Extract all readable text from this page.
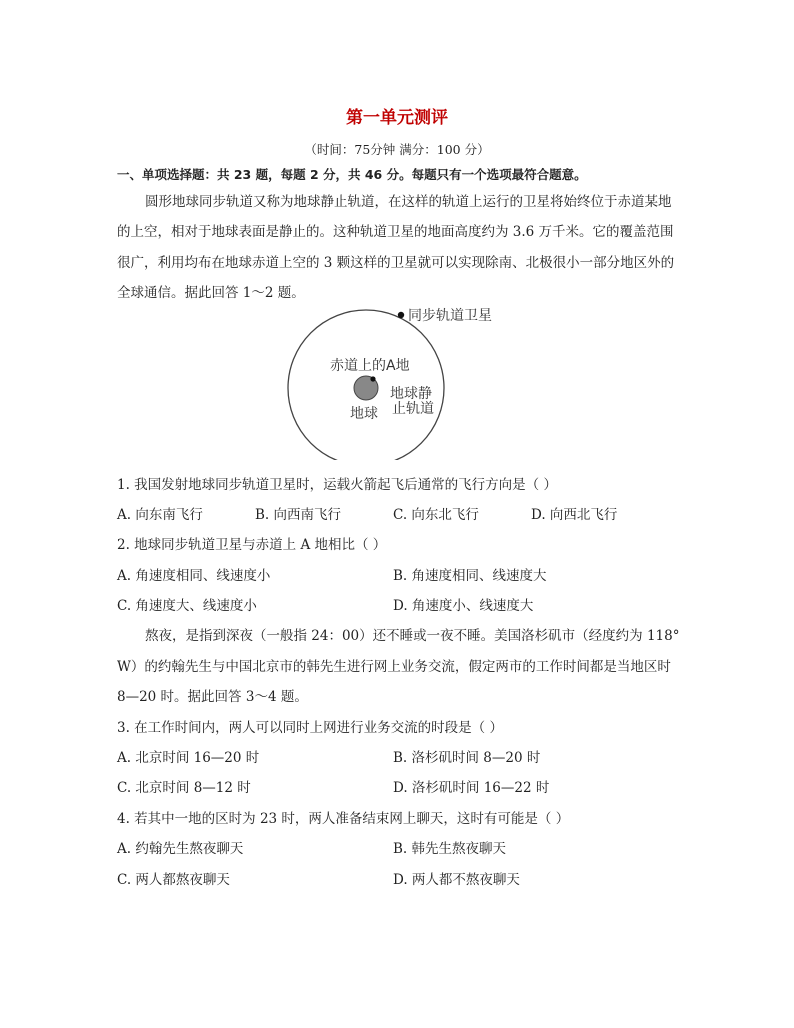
第一单元测评
（时间：75分钟 满分：100 分）
一、单项选择题：共 23 题，每题 2 分，共 46 分。每题只有一个选项最符合题意。
圆形地球同步轨道又称为地球静止轨道，在这样的轨道上运行的卫星将始终位于赤道某地
的上空，相对于地球表面是静止的。这种轨道卫星的地面高度约为 3.6 万千米。它的覆盖范围
很广，利用均布在地球赤道上空的 3 颗这样的卫星就可以实现除南、北极很小一部分地区外的
全球通信。据此回答 1～2 题。
同步轨道卫星
赤道上的A地
地球
地球静
止轨道
1. 我国发射地球同步轨道卫星时，运载火箭起飞后通常的飞行方向是（ ）
A. 向东南飞行	B. 向西南飞行	C. 向东北飞行	D. 向西北飞行
2. 地球同步轨道卫星与赤道上 A 地相比（ ）
A. 角速度相同、线速度小	B. 角速度相同、线速度大
C. 角速度大、线速度小	D. 角速度小、线速度大
熬夜，是指到深夜（一般指 24：00）还不睡或一夜不睡。美国洛杉矶市（经度约为 118°
W）的约翰先生与中国北京市的韩先生进行网上业务交流，假定两市的工作时间都是当地区时
8—20 时。据此回答 3～4 题。
3. 在工作时间内，两人可以同时上网进行业务交流的时段是（ ）
A. 北京时间 16—20 时	B. 洛杉矶时间 8—20 时
C. 北京时间 8—12 时	D. 洛杉矶时间 16—22 时
4. 若其中一地的区时为 23 时，两人准备结束网上聊天，这时有可能是（ ）
A. 约翰先生熬夜聊天	B. 韩先生熬夜聊天
C. 两人都熬夜聊天	D. 两人都不熬夜聊天
